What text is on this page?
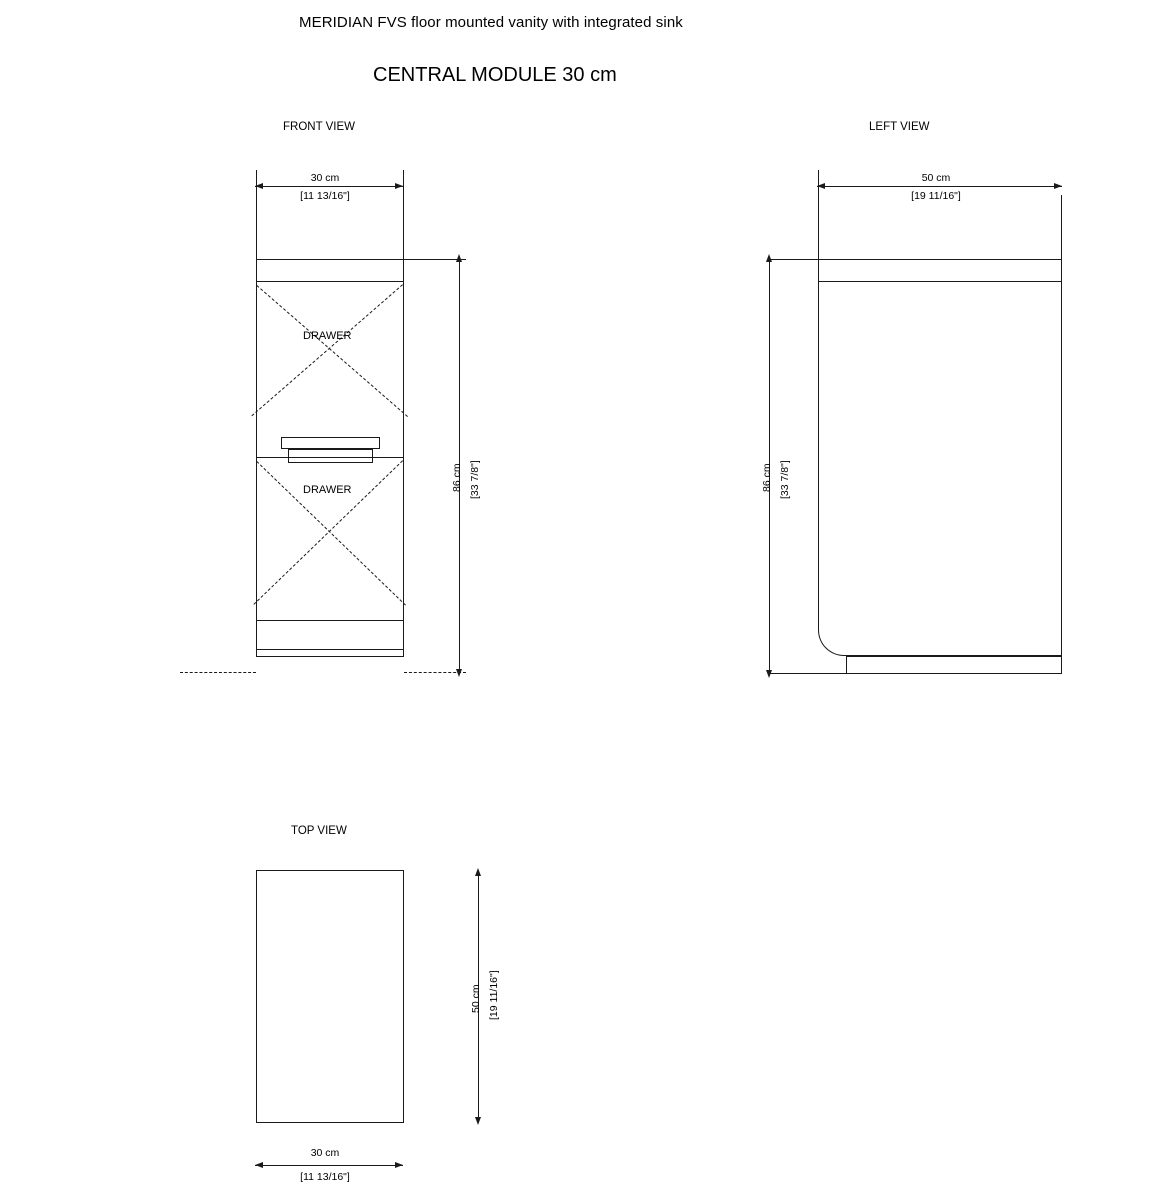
MERIDIAN FVS floor mounted vanity with integrated sink
CENTRAL MODULE 30 cm
FRONT VIEW
30 cm
[11 13/16"]
DRAWER
DRAWER	86 cm [33 7/8"]
LEFT VIEW
50 cm
[19 11/16"]
86 cm [33 7/8"]
TOP VIEW
50 cm [19 11/16"]
30 cm
[11 13/16"]
